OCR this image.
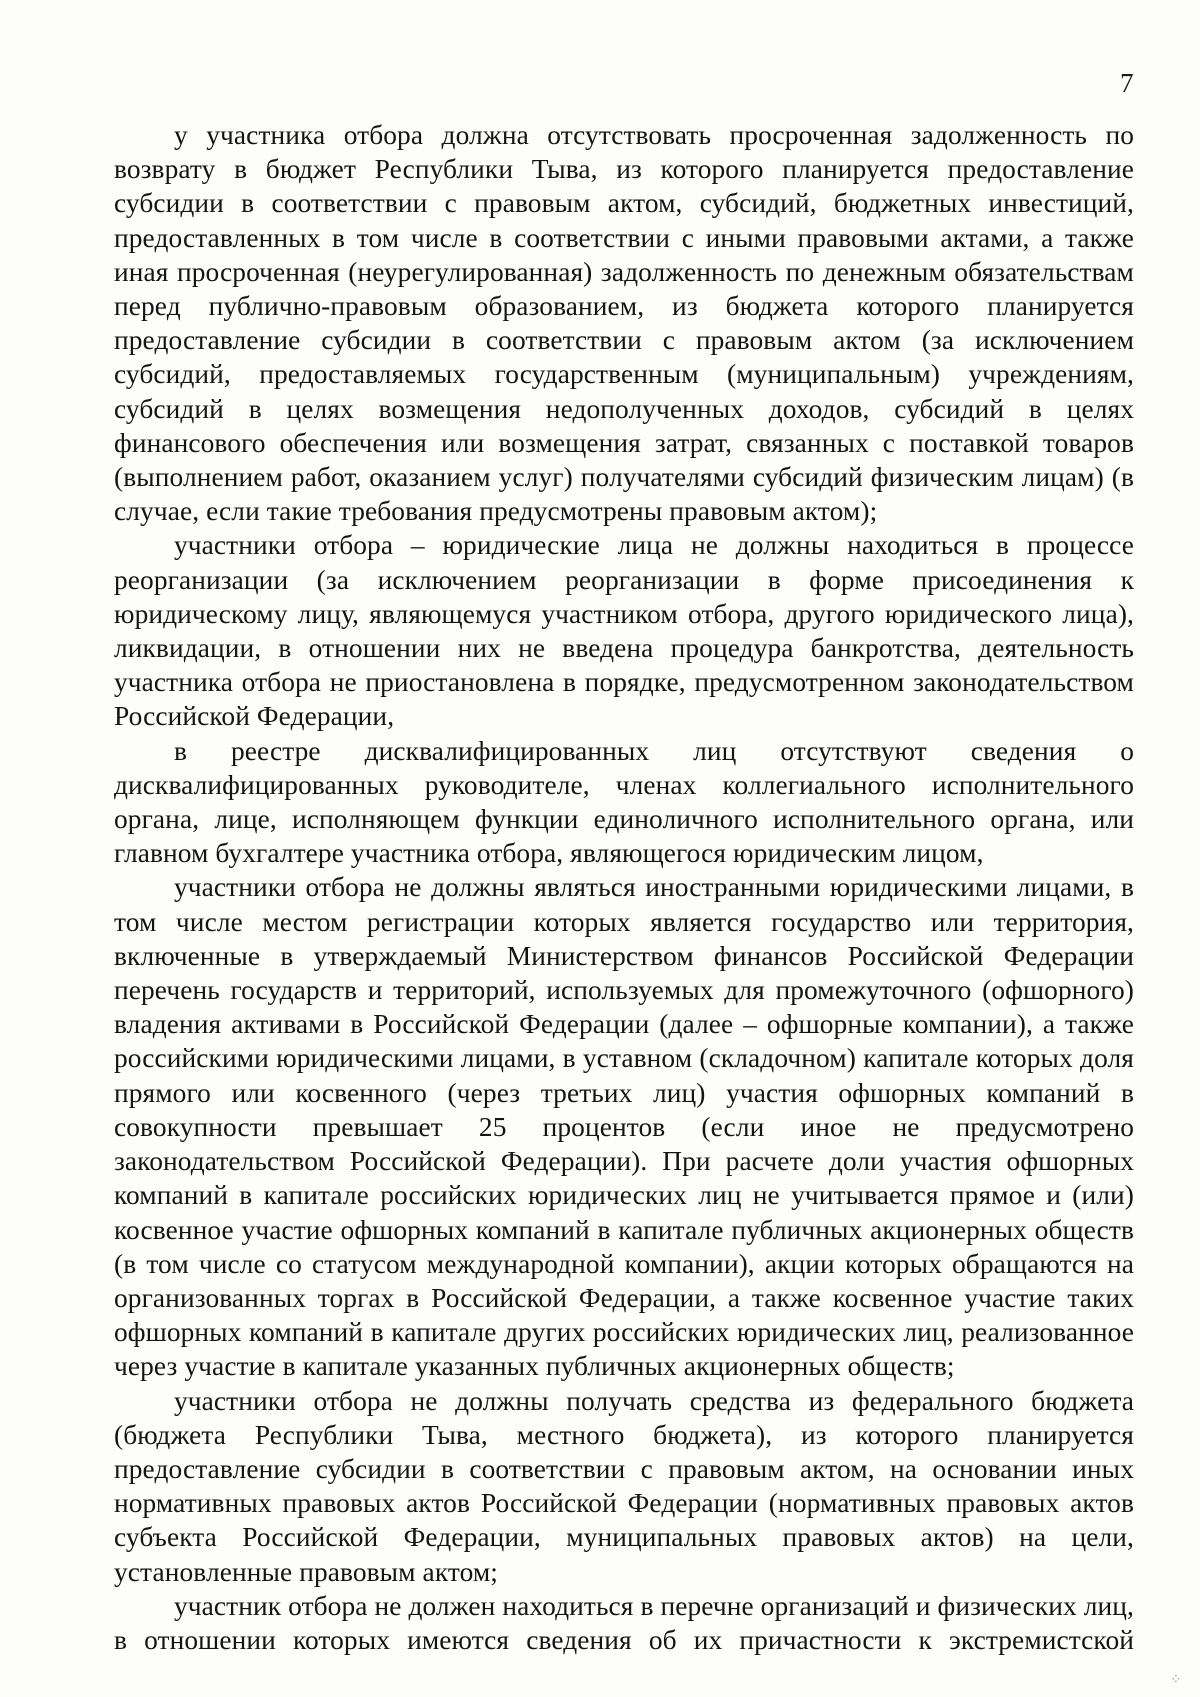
7

у участника отбора должна отсутствовать просроченная задолженность по возврату в бюджет Республики Тыва, из которого планируется предоставление субсидии в соответствии с правовым актом, субсидий, бюджетных инвестиций, предоставленных в том числе в соответствии с иными правовыми актами, а также иная просроченная (неурегулированная) задолженность по денежным обязательствам перед публично-правовым образованием, из бюджета которого планируется предоставление субсидии в соответствии с правовым актом (за исключением субсидий, предоставляемых государственным (муниципальным) учреждениям, субсидий в целях возмещения недополученных доходов, субсидий в целях финансового обеспечения или возмещения затрат, связанных с поставкой товаров (выполнением работ, оказанием услуг) получателями субсидий физическим лицам) (в случае, если такие требования предусмотрены правовым актом);

участники отбора – юридические лица не должны находиться в процессе реорганизации (за исключением реорганизации в форме присоединения к юридическому лицу, являющемуся участником отбора, другого юридического лица), ликвидации, в отношении них не введена процедура банкротства, деятельность участника отбора не приостановлена в порядке, предусмотренном законодательством Российской Федерации,

в реестре дисквалифицированных лиц отсутствуют сведения о дисквалифицированных руководителе, членах коллегиального исполнительного органа, лице, исполняющем функции единоличного исполнительного органа, или главном бухгалтере участника отбора, являющегося юридическим лицом,

участники отбора не должны являться иностранными юридическими лицами, в том числе местом регистрации которых является государство или территория, включенные в утверждаемый Министерством финансов Российской Федерации перечень государств и территорий, используемых для промежуточного (офшорного) владения активами в Российской Федерации (далее – офшорные компании), а также российскими юридическими лицами, в уставном (складочном) капитале которых доля прямого или косвенного (через третьих лиц) участия офшорных компаний в совокупности превышает 25 процентов (если иное не предусмотрено законодательством Российской Федерации). При расчете доли участия офшорных компаний в капитале российских юридических лиц не учитывается прямое и (или) косвенное участие офшорных компаний в капитале публичных акционерных обществ (в том числе со статусом международной компании), акции которых обращаются на организованных торгах в Российской Федерации, а также косвенное участие таких офшорных компаний в капитале других российских юридических лиц, реализованное через участие в капитале указанных публичных акционерных обществ;

участники отбора не должны получать средства из федерального бюджета (бюджета Республики Тыва, местного бюджета), из которого планируется предоставление субсидии в соответствии с правовым актом, на основании иных нормативных правовых актов Российской Федерации (нормативных правовых актов субъекта Российской Федерации, муниципальных правовых актов) на цели, установленные правовым актом;

участник отбора не должен находиться в перечне организаций и физических лиц, в отношении которых имеются сведения об их причастности к экстремистской

⁘
